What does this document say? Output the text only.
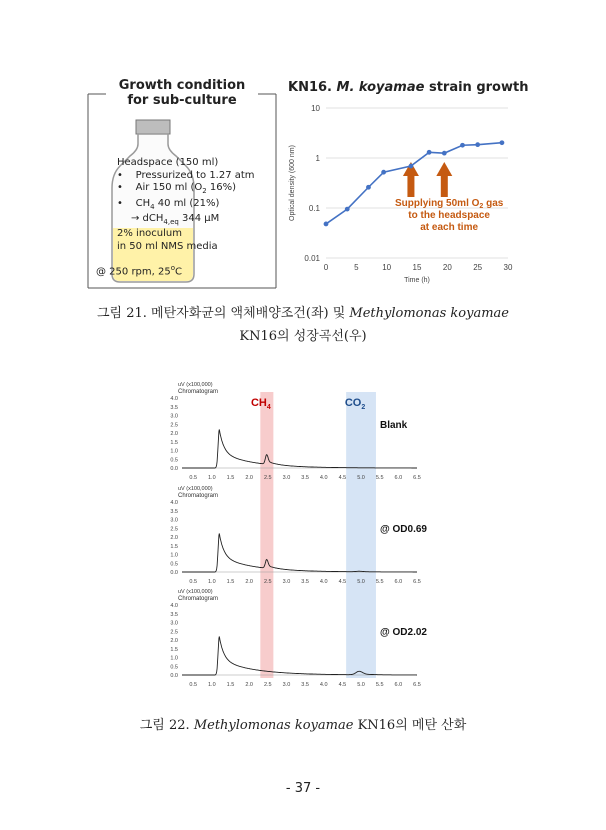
Growth condition
for sub-culture
Headspace (150 ml)
•    Pressurized to 1.27 atm
•    Air 150 ml ($O_2$ 16%)
•    $CH_4$ 40 ml (21%)
→ dCH$_{4,eq}$ 344 μM
2% inoculum
in 50 ml NMS media
@ 250 rpm, 25$^o$C
KN16. M. koyamae strain growth
0.01
0.1
1
10
0	5	10	15	20	25	30
Time (h)
Optical density (600 nm)	Supplying 50ml $O_2$ gas
to the headspace
at each time
그림 21. 메탄자화균의 액체배양조건(좌) 및 Methylomonas koyamae
KN16의 성장곡선(우)
$CH_4$	$CO_2$
uV (x100,000)
Chromatogram
0.0
0.5
1.0
1.5
2.0
2.5
3.0
3.5
4.0
0.5 1.0 1.5 2.0 2.5 3.0 3.5 4.0 4.5 5.0 5.5 6.0 6.5
Blank
uV (x100,000)
Chromatogram
0.0
0.5
1.0
1.5
2.0
2.5
3.0
3.5
4.0
0.5 1.0 1.5 2.0 2.5 3.0 3.5 4.0 4.5 5.0 5.5 6.0 6.5
@ OD0.69
uV (x100,000)
Chromatogram
0.0
0.5
1.0
1.5
2.0
2.5
3.0
3.5
4.0
0.5 1.0 1.5 2.0 2.5 3.0 3.5 4.0 4.5 5.0 5.5 6.0 6.5
@ OD2.02
그림 22. Methylomonas koyamae KN16의 메탄 산화
- 37 -
